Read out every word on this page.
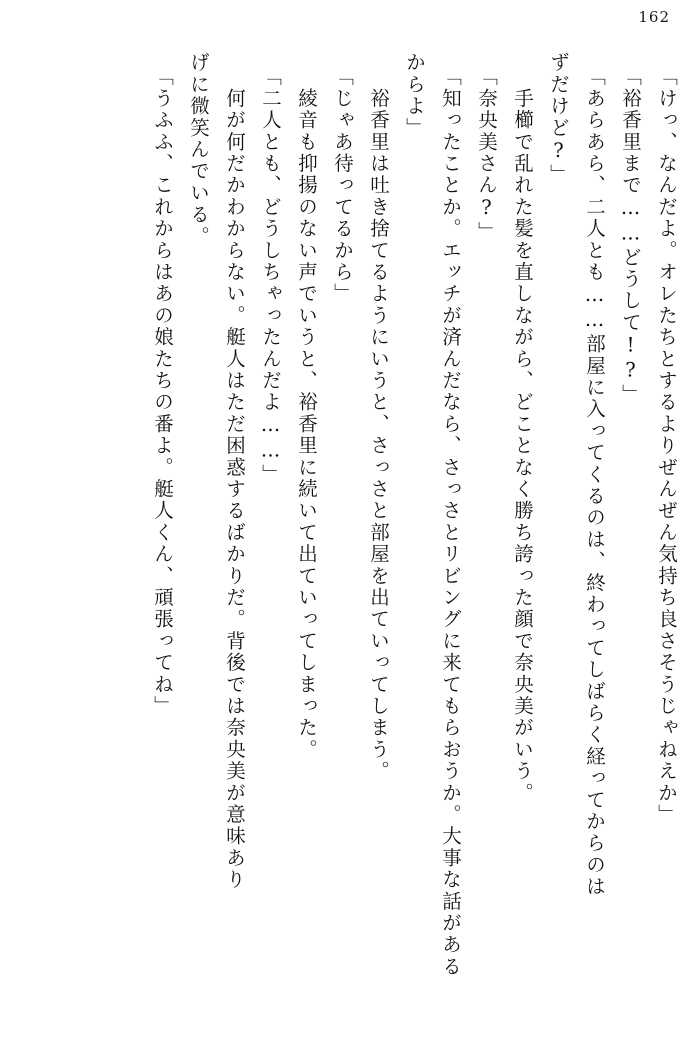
162
「けっ、なんだよ。オレたちとするよりぜんぜん気持ち良さそうじゃねえか」
「裕香里まで……どうして!?」
「あらあら、二人とも……部屋に入ってくるのは、終わってしばらく経ってからのは
ずだけど?」
　手櫛で乱れた髪を直しながら、どことなく勝ち誇った顔で奈央美がいう。
「奈央美さん?」
「知ったことか。エッチが済んだなら、さっさとリビングに来てもらおうか。大事な話がある
からよ」
　裕香里は吐き捨てるようにいうと、さっさと部屋を出ていってしまう。
「じゃあ待ってるから」
　綾音も抑揚のない声でいうと、裕香里に続いて出ていってしまった。
「二人とも、どうしちゃったんだよ……」
　何が何だかわからない。艇人はただ困惑するばかりだ。背後では奈央美が意味あり
げに微笑んでいる。
「うふふ、これからはあの娘たちの番よ。艇人くん、頑張ってね」
